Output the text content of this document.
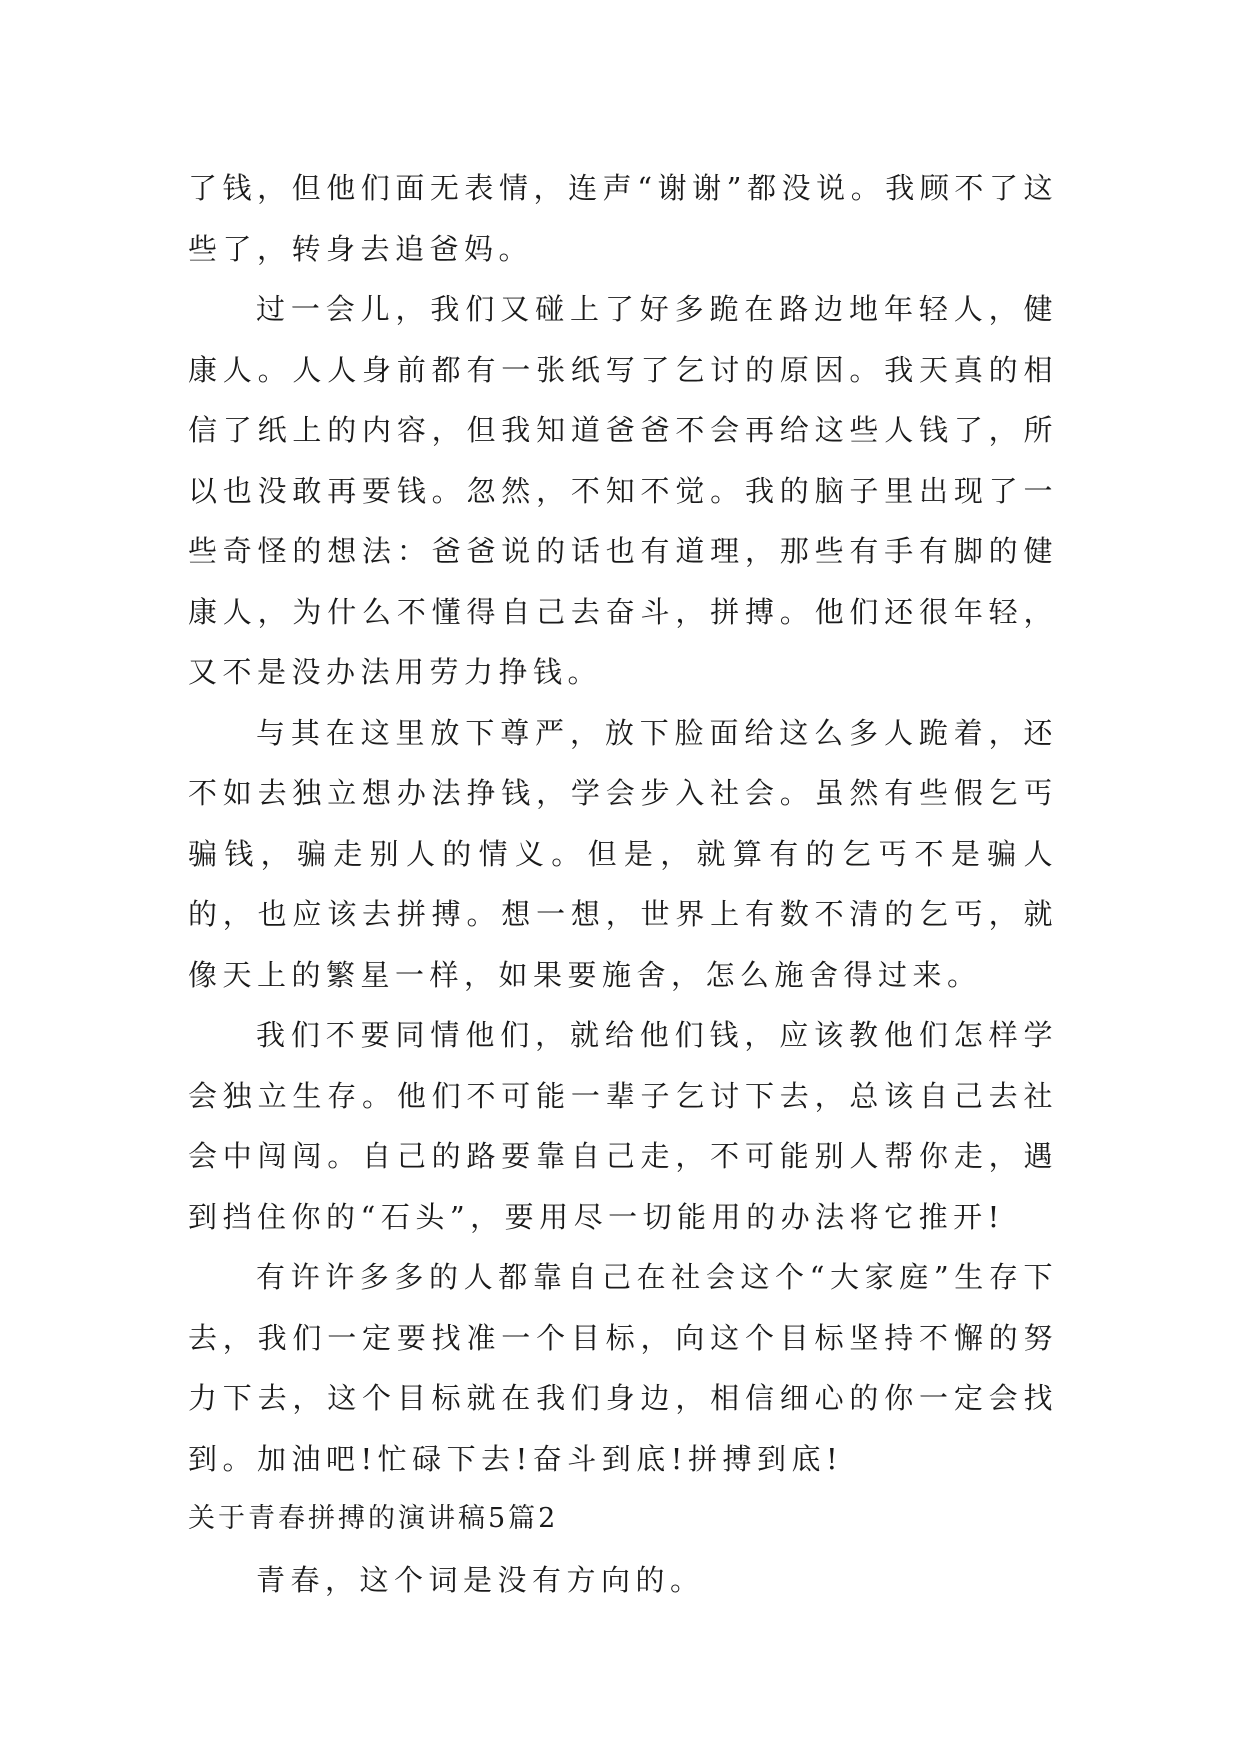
了钱，但他们面无表情，连声“谢谢”都没说。我顾不了这些了，转身去追爸妈。

过一会儿，我们又碰上了好多跪在路边地年轻人，健康人。人人身前都有一张纸写了乞讨的原因。我天真的相信了纸上的内容，但我知道爸爸不会再给这些人钱了，所以也没敢再要钱。忽然，不知不觉。我的脑子里出现了一些奇怪的想法：爸爸说的话也有道理，那些有手有脚的健康人，为什么不懂得自己去奋斗，拼搏。他们还很年轻，又不是没办法用劳力挣钱。

与其在这里放下尊严，放下脸面给这么多人跪着，还不如去独立想办法挣钱，学会步入社会。虽然有些假乞丐骗钱，骗走别人的情义。但是，就算有的乞丐不是骗人的，也应该去拼搏。想一想，世界上有数不清的乞丐，就像天上的繁星一样，如果要施舍，怎么施舍得过来。

我们不要同情他们，就给他们钱，应该教他们怎样学会独立生存。他们不可能一辈子乞讨下去，总该自己去社会中闯闯。自己的路要靠自己走，不可能别人帮你走，遇到挡住你的“石头”，要用尽一切能用的办法将它推开!

有许许多多的人都靠自己在社会这个“大家庭”生存下去，我们一定要找准一个目标，向这个目标坚持不懈的努力下去，这个目标就在我们身边，相信细心的你一定会找到。加油吧!忙碌下去!奋斗到底!拼搏到底!

关于青春拼搏的演讲稿5篇2

青春，这个词是没有方向的。
